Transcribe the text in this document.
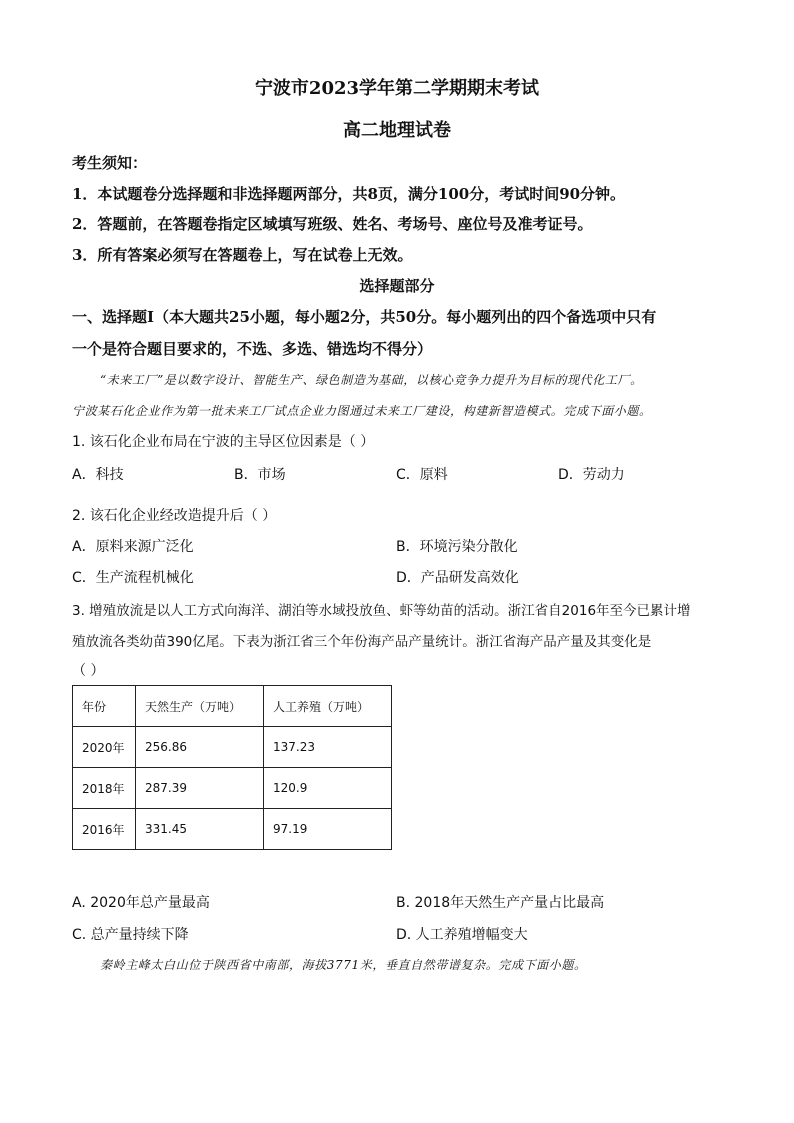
宁波市2023学年第二学期期末考试
高二地理试卷
考生须知：
1．本试题卷分选择题和非选择题两部分，共8页，满分100分，考试时间90分钟。
2．答题前，在答题卷指定区域填写班级、姓名、考场号、座位号及准考证号。
3．所有答案必须写在答题卷上，写在试卷上无效。
选择题部分
一、选择题Ⅰ（本大题共25小题，每小题2分，共50分。每小题列出的四个备选项中只有
一个是符合题目要求的，不选、多选、错选均不得分）
“未来工厂”是以数字设计、智能生产、绿色制造为基础，以核心竞争力提升为目标的现代化工厂。
宁波某石化企业作为第一批未来工厂试点企业力图通过未来工厂建设，构建新智造模式。完成下面小题。
1. 该石化企业布局在宁波的主导区位因素是（ ）
A．科技	B．市场	C．原料	D．劳动力
2. 该石化企业经改造提升后（ ）
A．原料来源广泛化	B．环境污染分散化
C．生产流程机械化	D．产品研发高效化
3. 增殖放流是以人工方式向海洋、湖泊等水域投放鱼、虾等幼苗的活动。浙江省自2016年至今已累计增
殖放流各类幼苗390亿尾。下表为浙江省三个年份海产品产量统计。浙江省海产品产量及其变化是
（ ）
年份	天然生产（万吨）	人工养殖（万吨）
2020年	256.86	137.23
2018年	287.39	120.9
2016年	331.45	97.19
A. 2020年总产量最高	B. 2018年天然生产产量占比最高
C. 总产量持续下降	D. 人工养殖增幅变大
秦岭主峰太白山位于陕西省中南部，海拔3771米，垂直自然带谱复杂。完成下面小题。
